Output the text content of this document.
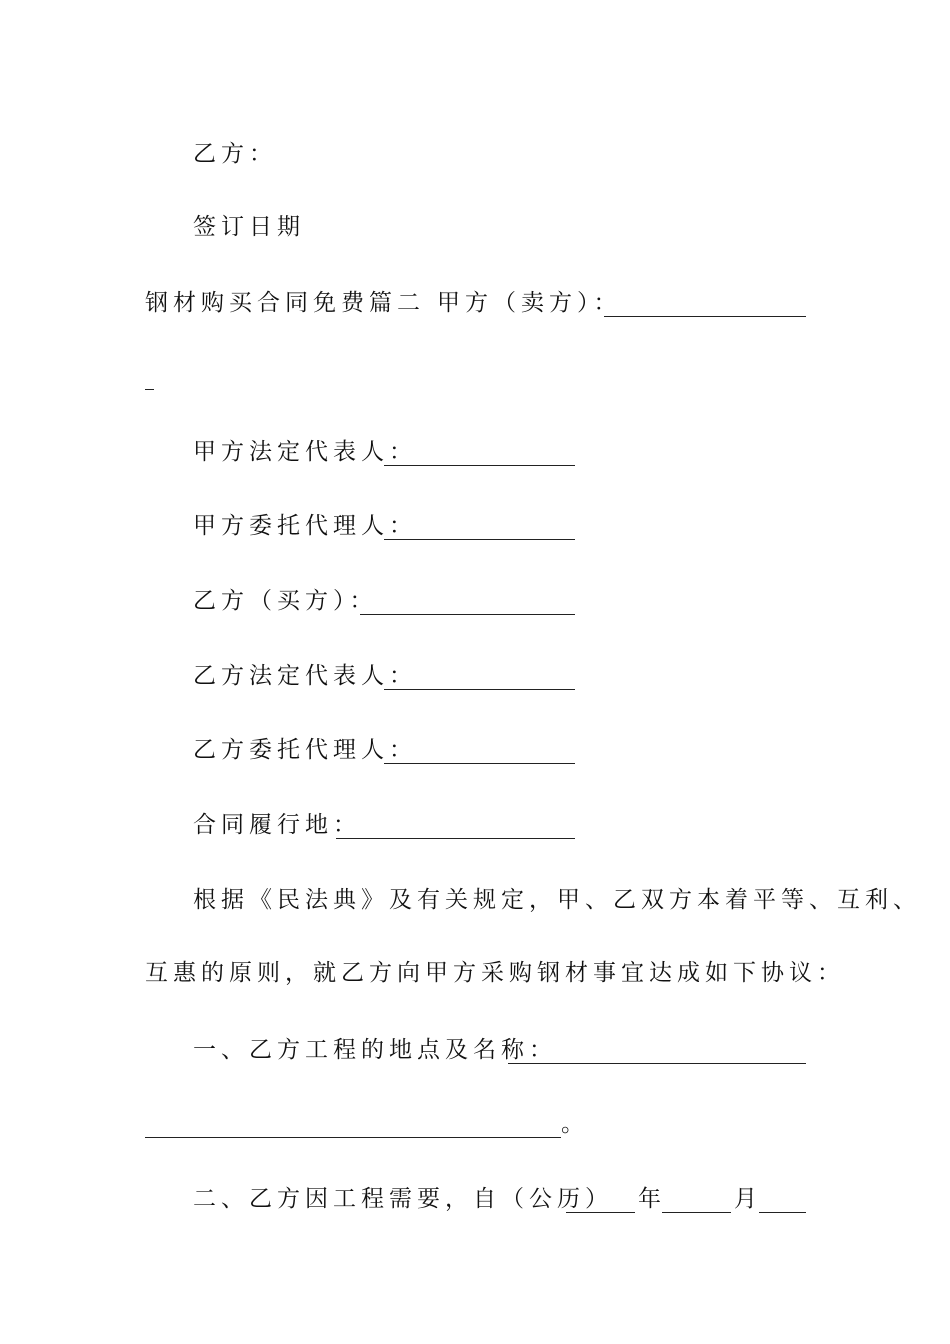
乙方：
签订日期
钢材购买合同免费篇二 甲方（卖方）：
甲方法定代表人：
甲方委托代理人：
乙方（买方）：
乙方法定代表人：
乙方委托代理人：
合同履行地：
根据《民法典》及有关规定，甲、乙双方本着平等、互利、
互惠的原则，就乙方向甲方采购钢材事宜达成如下协议：
一、乙方工程的地点及名称：
。
二、乙方因工程需要，自（公历） 年	月
